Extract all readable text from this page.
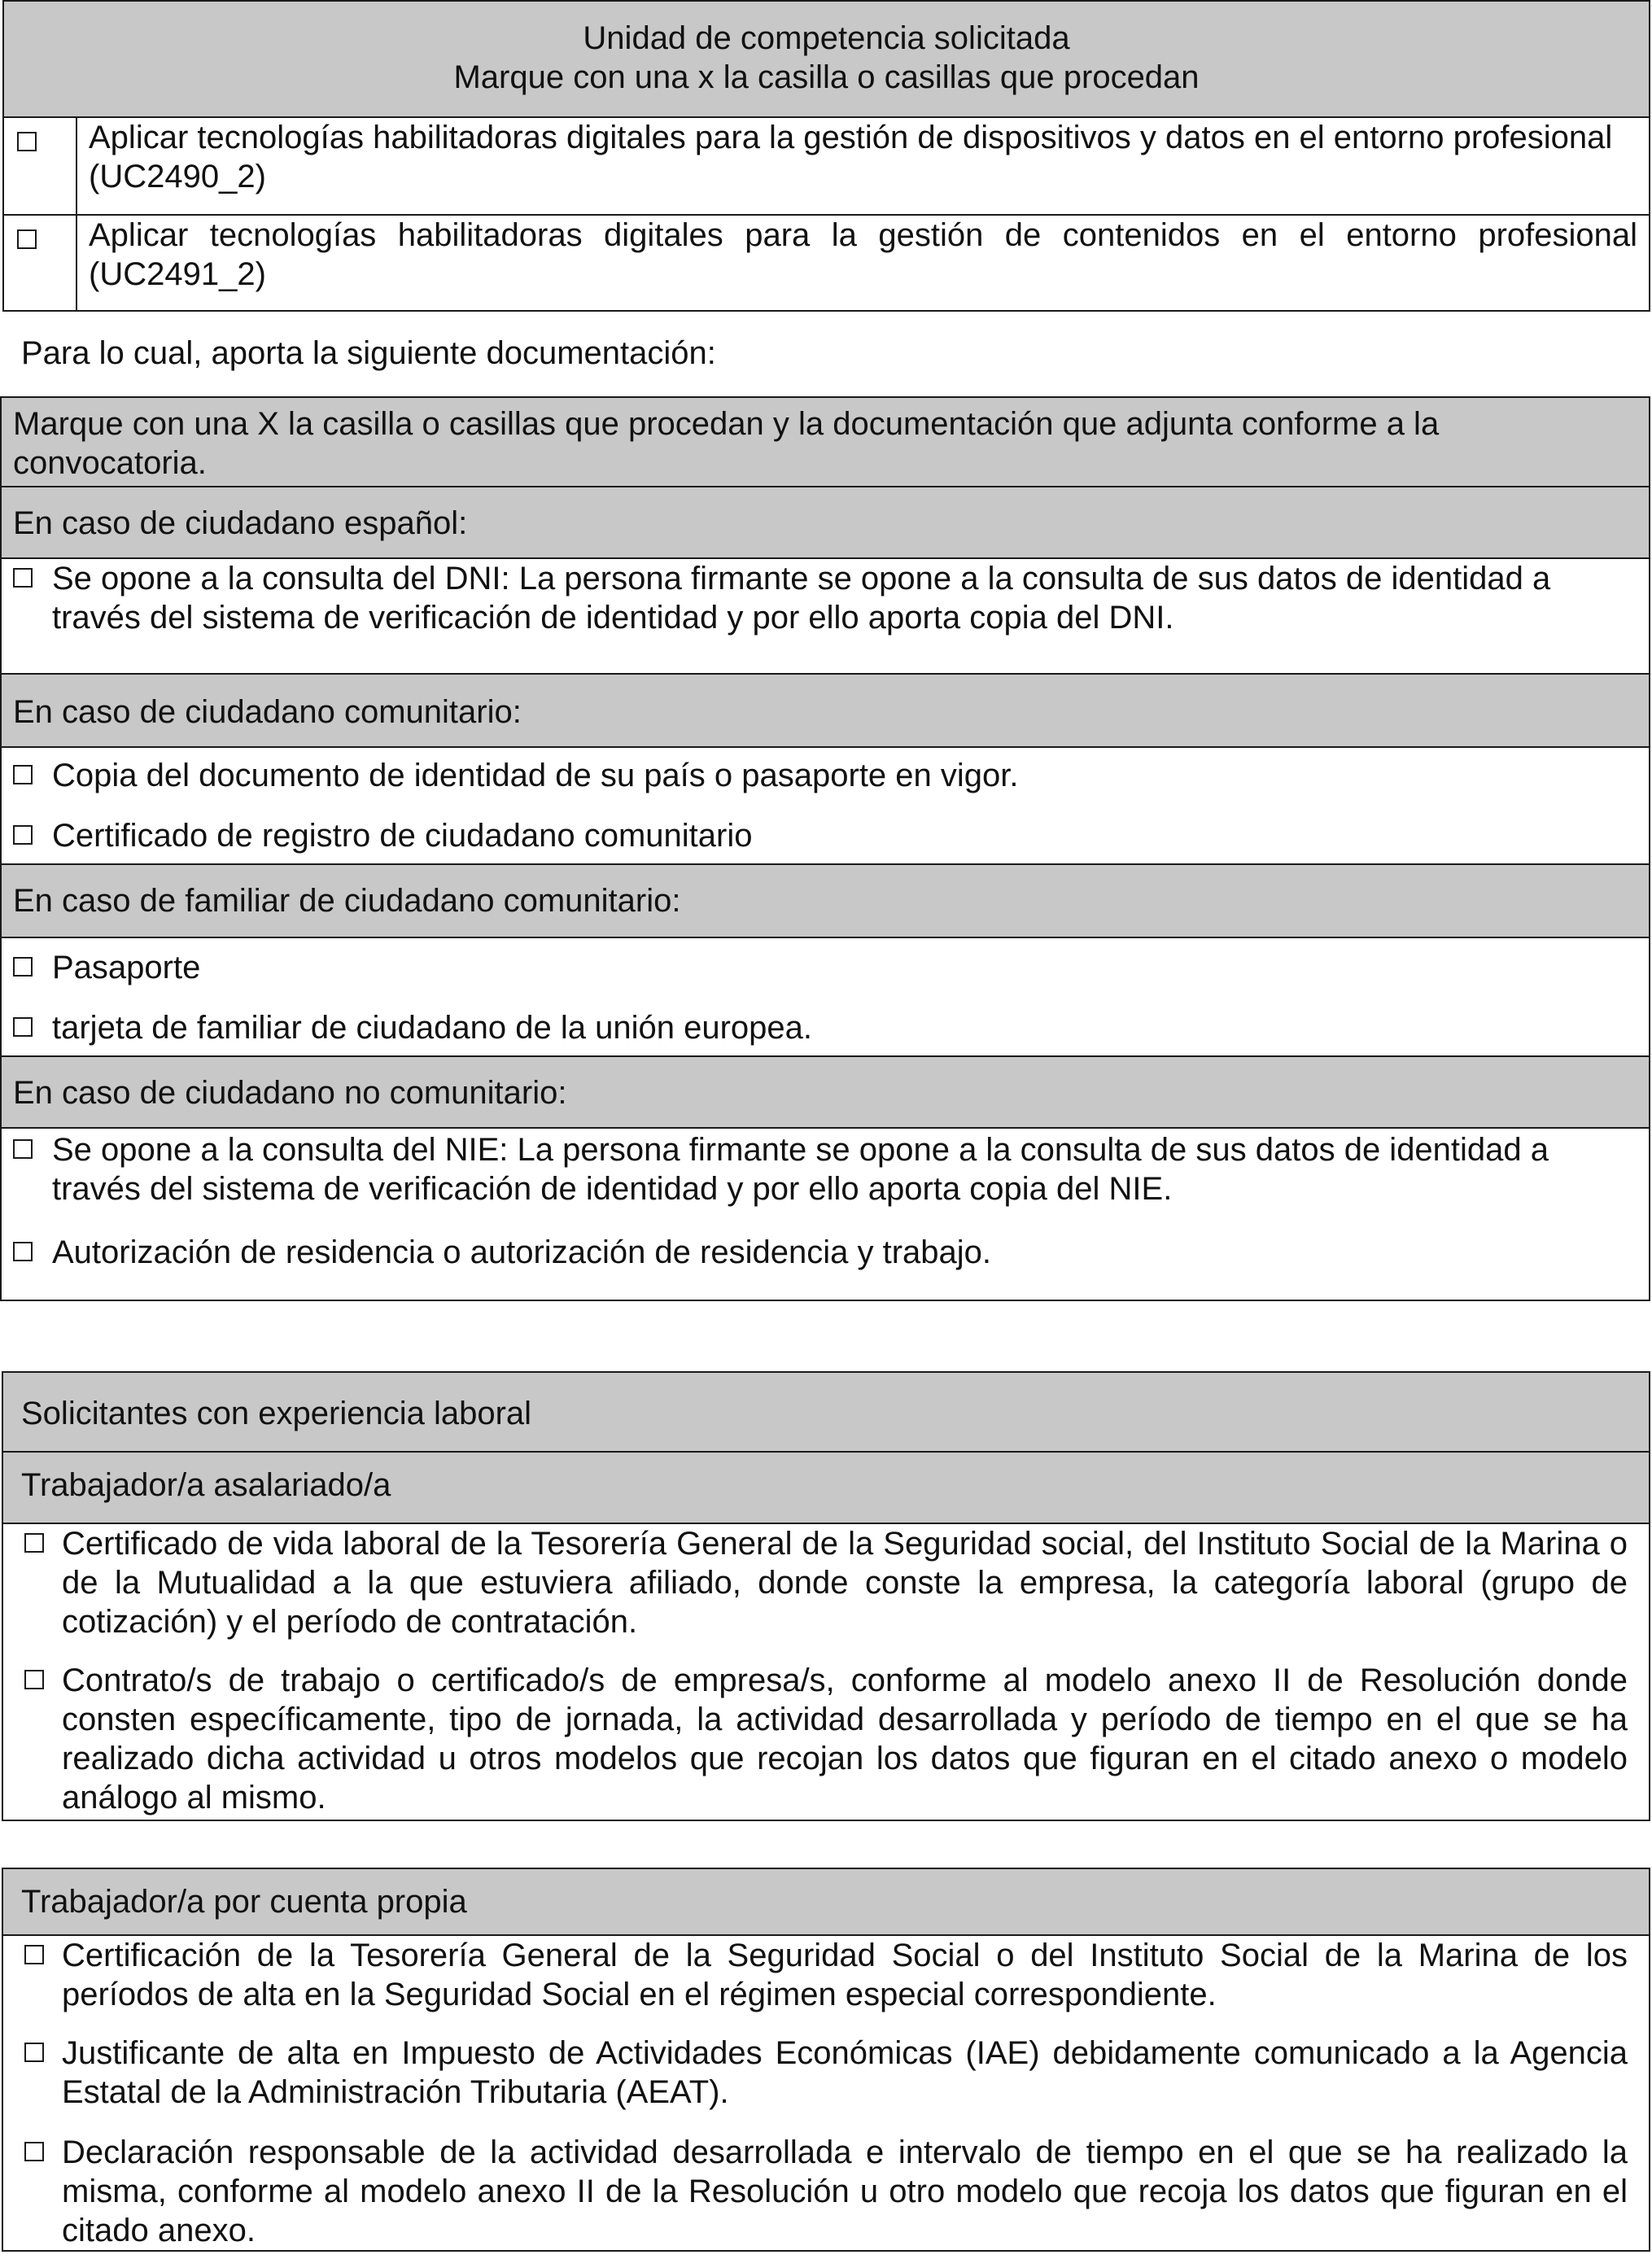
Unidad de competencia solicitada
Marque con una x la casilla o casillas que procedan
Aplicar tecnologías habilitadoras digitales para la gestión de dispositivos y datos en el entorno profesional (UC2490_2)
Aplicar tecnologías habilitadoras digitales para la gestión de contenidos en el entorno profesional (UC2491_2)
Para lo cual, aporta la siguiente documentación:
Marque con una X la casilla o casillas que procedan y la documentación que adjunta conforme a la convocatoria.
En caso de ciudadano español:
Se opone a la consulta del DNI: La persona firmante se opone a la consulta de sus datos de identidad a través del sistema de verificación de identidad y por ello aporta copia del DNI.
En caso de ciudadano comunitario:
Copia del documento de identidad de su país o pasaporte en vigor.
Certificado de registro de ciudadano comunitario
En caso de familiar de ciudadano comunitario:
Pasaporte
tarjeta de familiar de ciudadano de la unión europea.
En caso de ciudadano no comunitario:
Se opone a la consulta del NIE: La persona firmante se opone a la consulta de sus datos de identidad a través del sistema de verificación de identidad y por ello aporta copia del NIE.
Autorización de residencia o autorización de residencia y trabajo.
Solicitantes con experiencia laboral
Trabajador/a asalariado/a
Certificado de vida laboral de la Tesorería General de la Seguridad social, del Instituto Social de la Marina o de la Mutualidad a la que estuviera afiliado, donde conste la empresa, la categoría laboral (grupo de cotización) y el período de contratación.
Contrato/s de trabajo o certificado/s de empresa/s, conforme al modelo anexo II de Resolución donde consten específicamente, tipo de jornada, la actividad desarrollada y período de tiempo en el que se ha realizado dicha actividad u otros modelos que recojan los datos que figuran en el citado anexo o modelo análogo al mismo.
Trabajador/a por cuenta propia
Certificación de la Tesorería General de la Seguridad Social o del Instituto Social de la Marina de los períodos de alta en la Seguridad Social en el régimen especial correspondiente.
Justificante de alta en Impuesto de Actividades Económicas (IAE) debidamente comunicado a la Agencia Estatal de la Administración Tributaria (AEAT).
Declaración responsable de la actividad desarrollada e intervalo de tiempo en el que se ha realizado la misma, conforme al modelo anexo II de la Resolución u otro modelo que recoja los datos que figuran en el citado anexo.
